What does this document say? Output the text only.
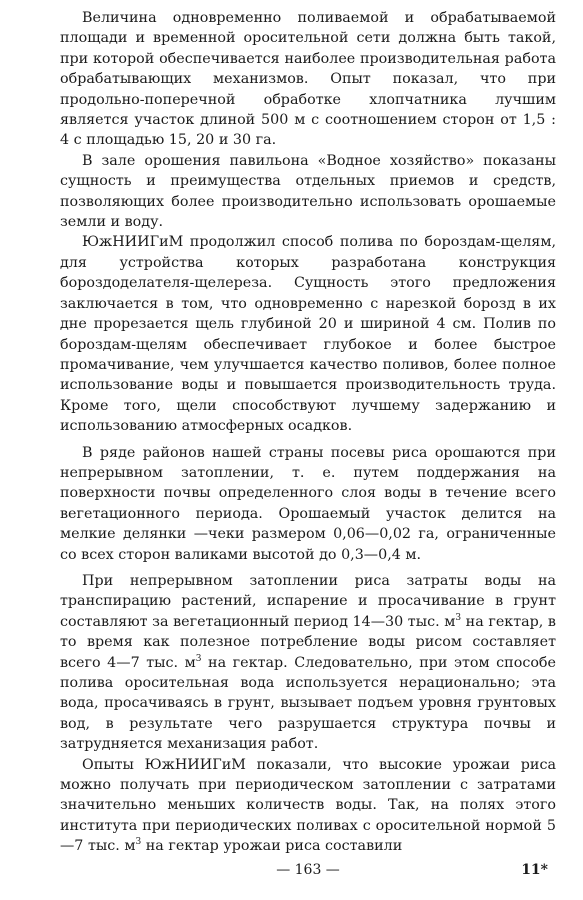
Величина одновременно поливаемой и обрабатываемой площади и временной оросительной сети должна быть такой, при которой обеспечивается наиболее производительная работа обрабатывающих механизмов. Опыт показал, что при продольно-поперечной обработке хлопчатника лучшим является участок длиной 500 м с соотношением сторон от 1,5 : 4 с площадью 15, 20 и 30 га.

В зале орошения павильона «Водное хозяйство» показаны сущность и преимущества отдельных приемов и средств, позволяющих более производительно использовать орошаемые земли и воду.

ЮжНИИГиМ продолжил способ полива по бороздам-щелям, для устройства которых разработана конструкция бороздоделателя-щелереза. Сущность этого предложения заключается в том, что одновременно с нарезкой борозд в их дне прорезается щель глубиной 20 и шириной 4 см. Полив по бороздам-щелям обеспечивает глубокое и более быстрое промачивание, чем улучшается качество поливов, более полное использование воды и повышается производительность труда. Кроме того, щели способствуют лучшему задержанию и использованию атмосферных осадков.

В ряде районов нашей страны посевы риса орошаются при непрерывном затоплении, т. е. путем поддержания на поверхности почвы определенного слоя воды в течение всего вегетационного периода. Орошаемый участок делится на мелкие делянки —чеки размером 0,06—0,02 га, ограниченные со всех сторон валиками высотой до 0,3—0,4 м.

При непрерывном затоплении риса затраты воды на транспирацию растений, испарение и просачивание в грунт составляют за вегетационный период 14—30 тыс. $м^3$ на гектар, в то время как полезное потребление воды рисом составляет всего 4—7 тыс. $м^3$ на гектар. Следовательно, при этом способе полива оросительная вода используется нерационально; эта вода, просачиваясь в грунт, вызывает подъем уровня грунтовых вод, в результате чего разрушается структура почвы и затрудняется механизация работ.

Опыты ЮжНИИГиМ показали, что высокие урожаи риса можно получать при периодическом затоплении с затратами значительно меньших количеств воды. Так, на полях этого института при периодических поливах с оросительной нормой 5—7 тыс. $м^3$ на гектар урожаи риса составили

— 163 —	11*
